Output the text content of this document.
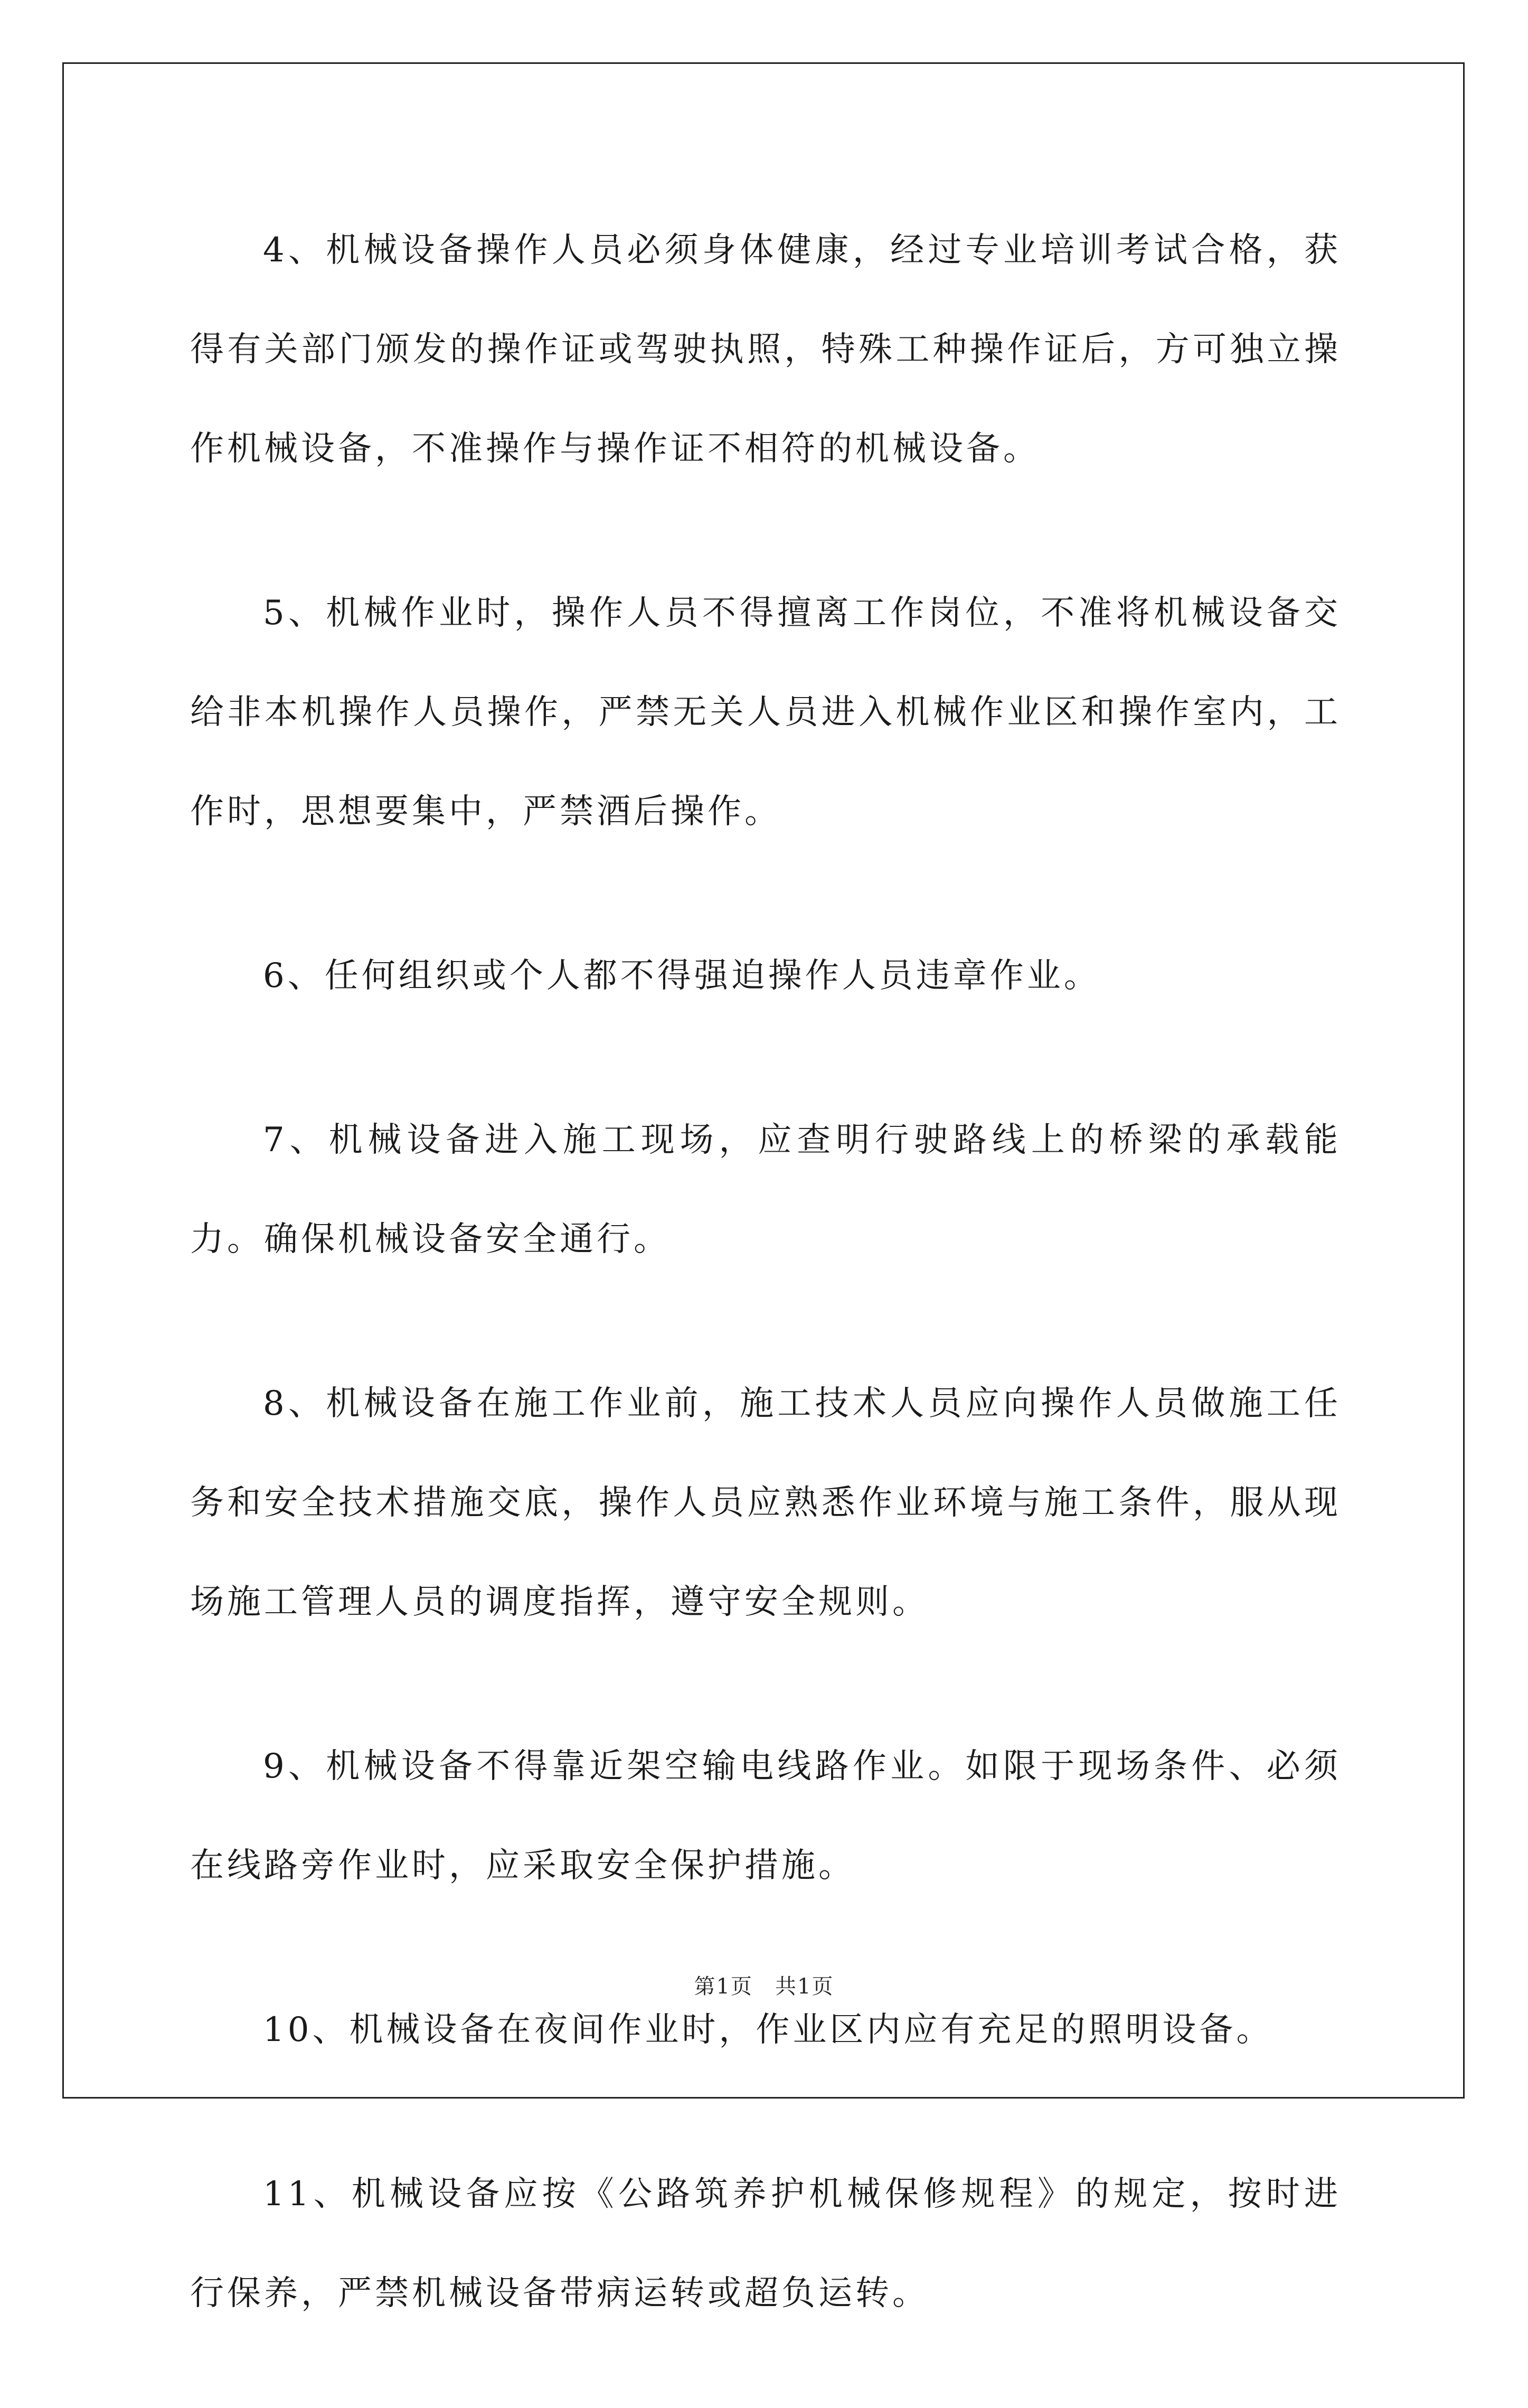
4、机械设备操作人员必须身体健康，经过专业培训考试合格，获得有关部门颁发的操作证或驾驶执照，特殊工种操作证后，方可独立操作机械设备，不准操作与操作证不相符的机械设备。

5、机械作业时，操作人员不得擅离工作岗位，不准将机械设备交给非本机操作人员操作，严禁无关人员进入机械作业区和操作室内，工作时，思想要集中，严禁酒后操作。

6、任何组织或个人都不得强迫操作人员违章作业。

7、机械设备进入施工现场，应查明行驶路线上的桥梁的承载能力。确保机械设备安全通行。

8、机械设备在施工作业前，施工技术人员应向操作人员做施工任务和安全技术措施交底，操作人员应熟悉作业环境与施工条件，服从现场施工管理人员的调度指挥，遵守安全规则。

9、机械设备不得靠近架空输电线路作业。如限于现场条件、必须在线路旁作业时，应采取安全保护措施。

10、机械设备在夜间作业时，作业区内应有充足的照明设备。

11、机械设备应按《公路筑养护机械保修规程》的规定，按时进行保养，严禁机械设备带病运转或超负运转。

第1页　共1页
